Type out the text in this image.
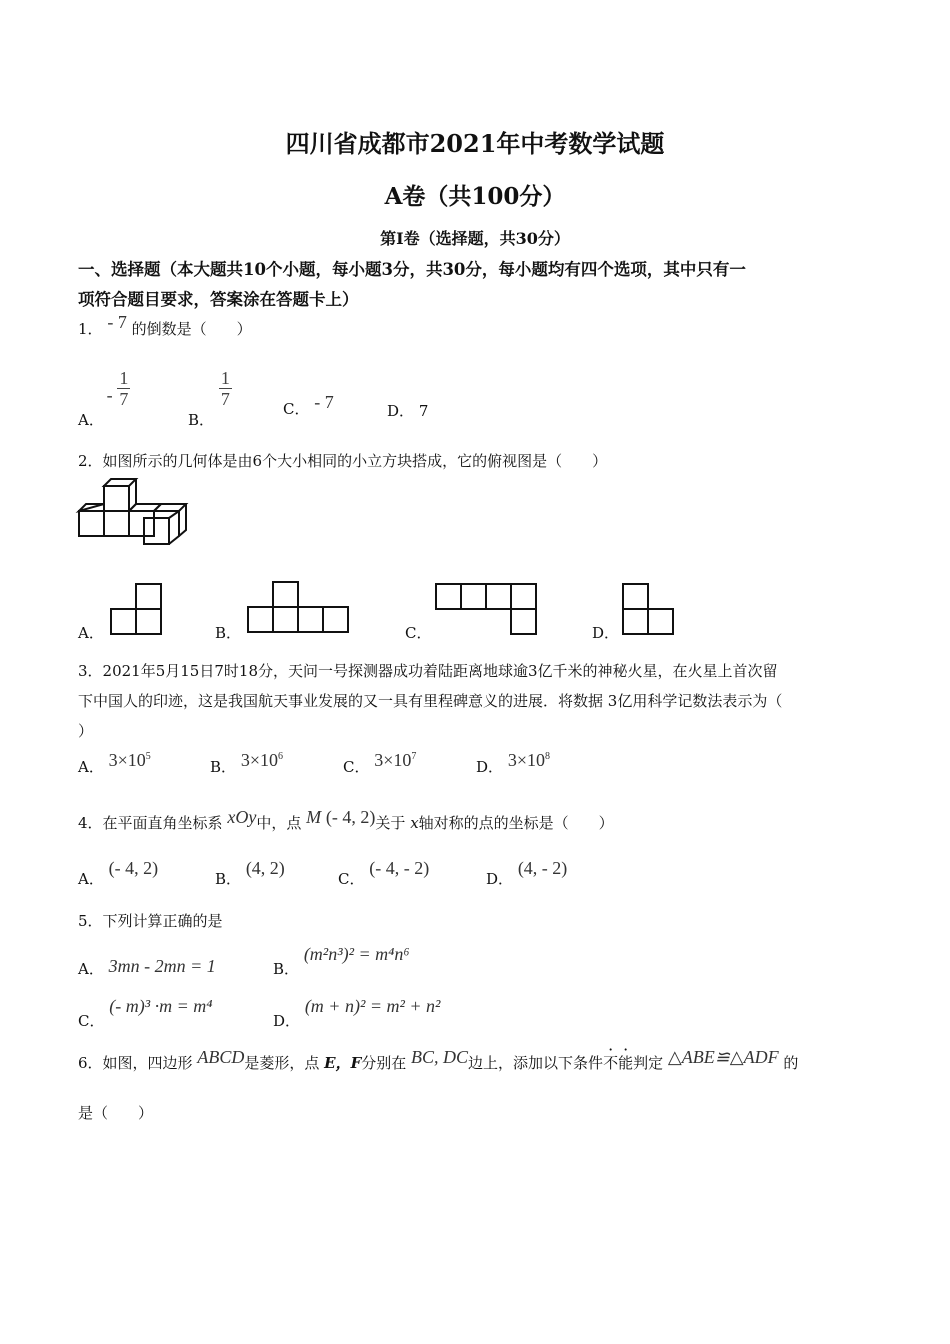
四川省成都市2021年中考数学试题
A卷（共100分）
第Ⅰ卷（选择题，共30分）
一、选择题（本大题共10个小题，每小题3分，共30分，每小题均有四个选项，其中只有一
项符合题目要求，答案涂在答题卡上）
1． - 7 的倒数是（　　）
A． - $\frac{1}{7}$
B．
$\frac{1}{7}$	C． - 7	D． 7
2．如图所示的几何体是由6个大小相同的小立方块搭成，它的俯视图是（　　）
A．	B．	C．	D．
3．2021年5月15日7时18分，天问一号探测器成功着陆距离地球逾3亿千米的神秘火星，在火星上首次留
下中国人的印迹，这是我国航天事业发展的又一具有里程碑意义的进展．将数据 3亿用科学记数法表示为（
）
A． $3\times 10^5$
B． $3\times 10^6$
C． $3\times 10^7$
D． $3\times 10^8$
4．在平面直角坐标系 xOy中，点 M (- 4, 2)关于 x轴对称的点的坐标是（　　）
A． (- 4, 2)
B． (4, 2)
C． (- 4, - 2)
D． (4, - 2)
5．下列计算正确的是
A． 3mn - 2mn = 1	B． (m²n³)² = m⁴n⁶
C． (- m)³ ·m = m⁴
D． (m + n)² = m² + n²
6．如图，四边形 ABCD是菱形，点 E，F分别在 BC, DC边上，添加以下条件不能
· ·
判定 △ABE≌△ADF 的
是（　　）
